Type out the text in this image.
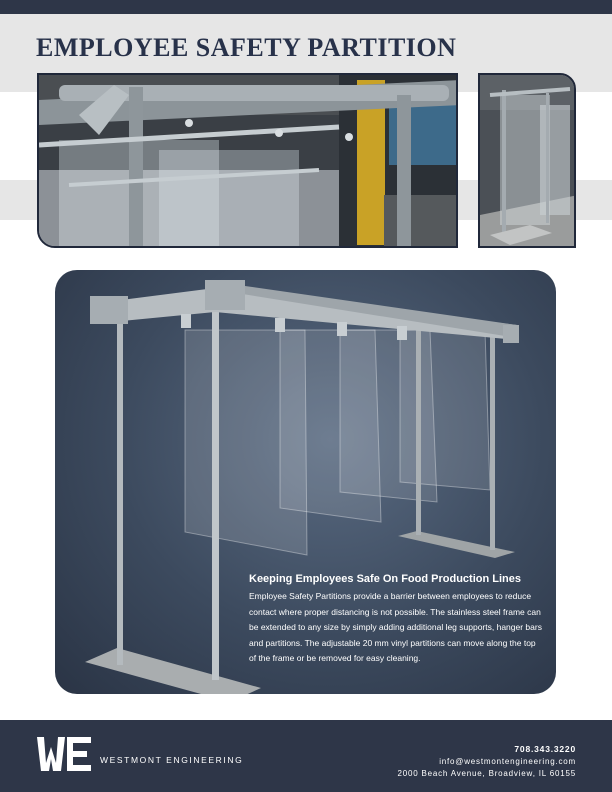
EMPLOYEE SAFETY PARTITION
Keeping Employees Safe On Food Production Lines

Employee Safety Partitions provide a barrier between employees to reduce contact where proper distancing is not possible. The stainless steel frame can be extended to any size by simply adding additional leg supports, hanger bars and partitions. The adjustable 20 mm vinyl partitions can move along the top of the frame or be removed for easy cleaning.

WESTMONT ENGINEERING

708.343.3220
info@westmontengineering.com
2000 Beach Avenue, Broadview, IL 60155
